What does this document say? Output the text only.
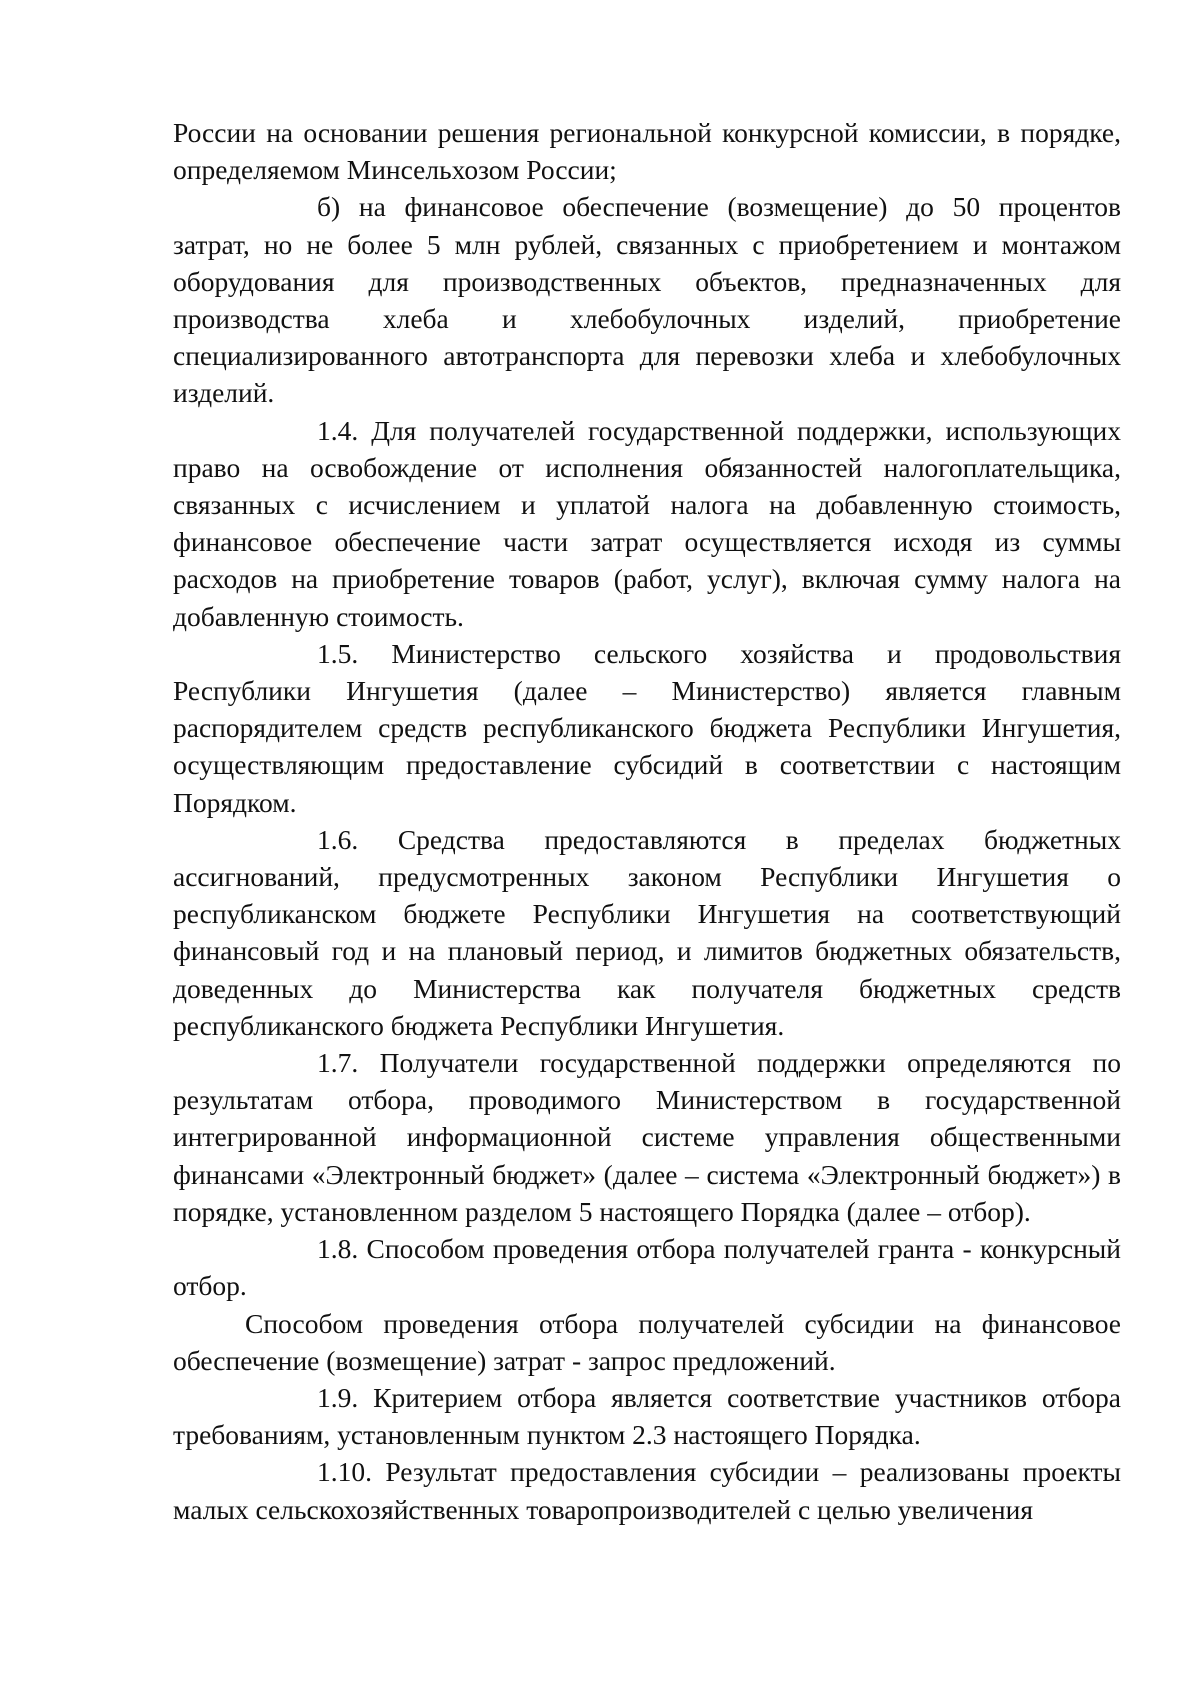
России на основании решения региональной конкурсной комиссии, в порядке, определяемом Минсельхозом России;

б) на финансовое обеспечение (возмещение) до 50 процентов затрат, но не более 5 млн рублей, связанных с приобретением и монтажом оборудования для производственных объектов, предназначенных для производства хлеба и хлебобулочных изделий, приобретение специализированного автотранспорта для перевозки хлеба и хлебобулочных изделий.

1.4. Для получателей государственной поддержки, использующих право на освобождение от исполнения обязанностей налогоплательщика, связанных с исчислением и уплатой налога на добавленную стоимость, финансовое обеспечение части затрат осуществляется исходя из суммы расходов на приобретение товаров (работ, услуг), включая сумму налога на добавленную стоимость.

1.5. Министерство сельского хозяйства и продовольствия Республики Ингушетия (далее – Министерство) является главным распорядителем средств республиканского бюджета Республики Ингушетия, осуществляющим предоставление субсидий в соответствии с настоящим Порядком.

1.6. Средства предоставляются в пределах бюджетных ассигнований, предусмотренных законом Республики Ингушетия о республиканском бюджете Республики Ингушетия на соответствующий финансовый год и на плановый период, и лимитов бюджетных обязательств, доведенных до Министерства как получателя бюджетных средств республиканского бюджета Республики Ингушетия.

1.7. Получатели государственной поддержки определяются по результатам отбора, проводимого Министерством в государственной интегрированной информационной системе управления общественными финансами «Электронный бюджет» (далее – система «Электронный бюджет») в порядке, установленном разделом 5 настоящего Порядка (далее – отбор).

1.8. Способом проведения отбора получателей гранта - конкурсный отбор.

Способом проведения отбора получателей субсидии на финансовое обеспечение (возмещение) затрат - запрос предложений.

1.9. Критерием отбора является соответствие участников отбора требованиям, установленным пунктом 2.3 настоящего Порядка.

1.10. Результат предоставления субсидии – реализованы проекты малых сельскохозяйственных товаропроизводителей с целью увеличения
